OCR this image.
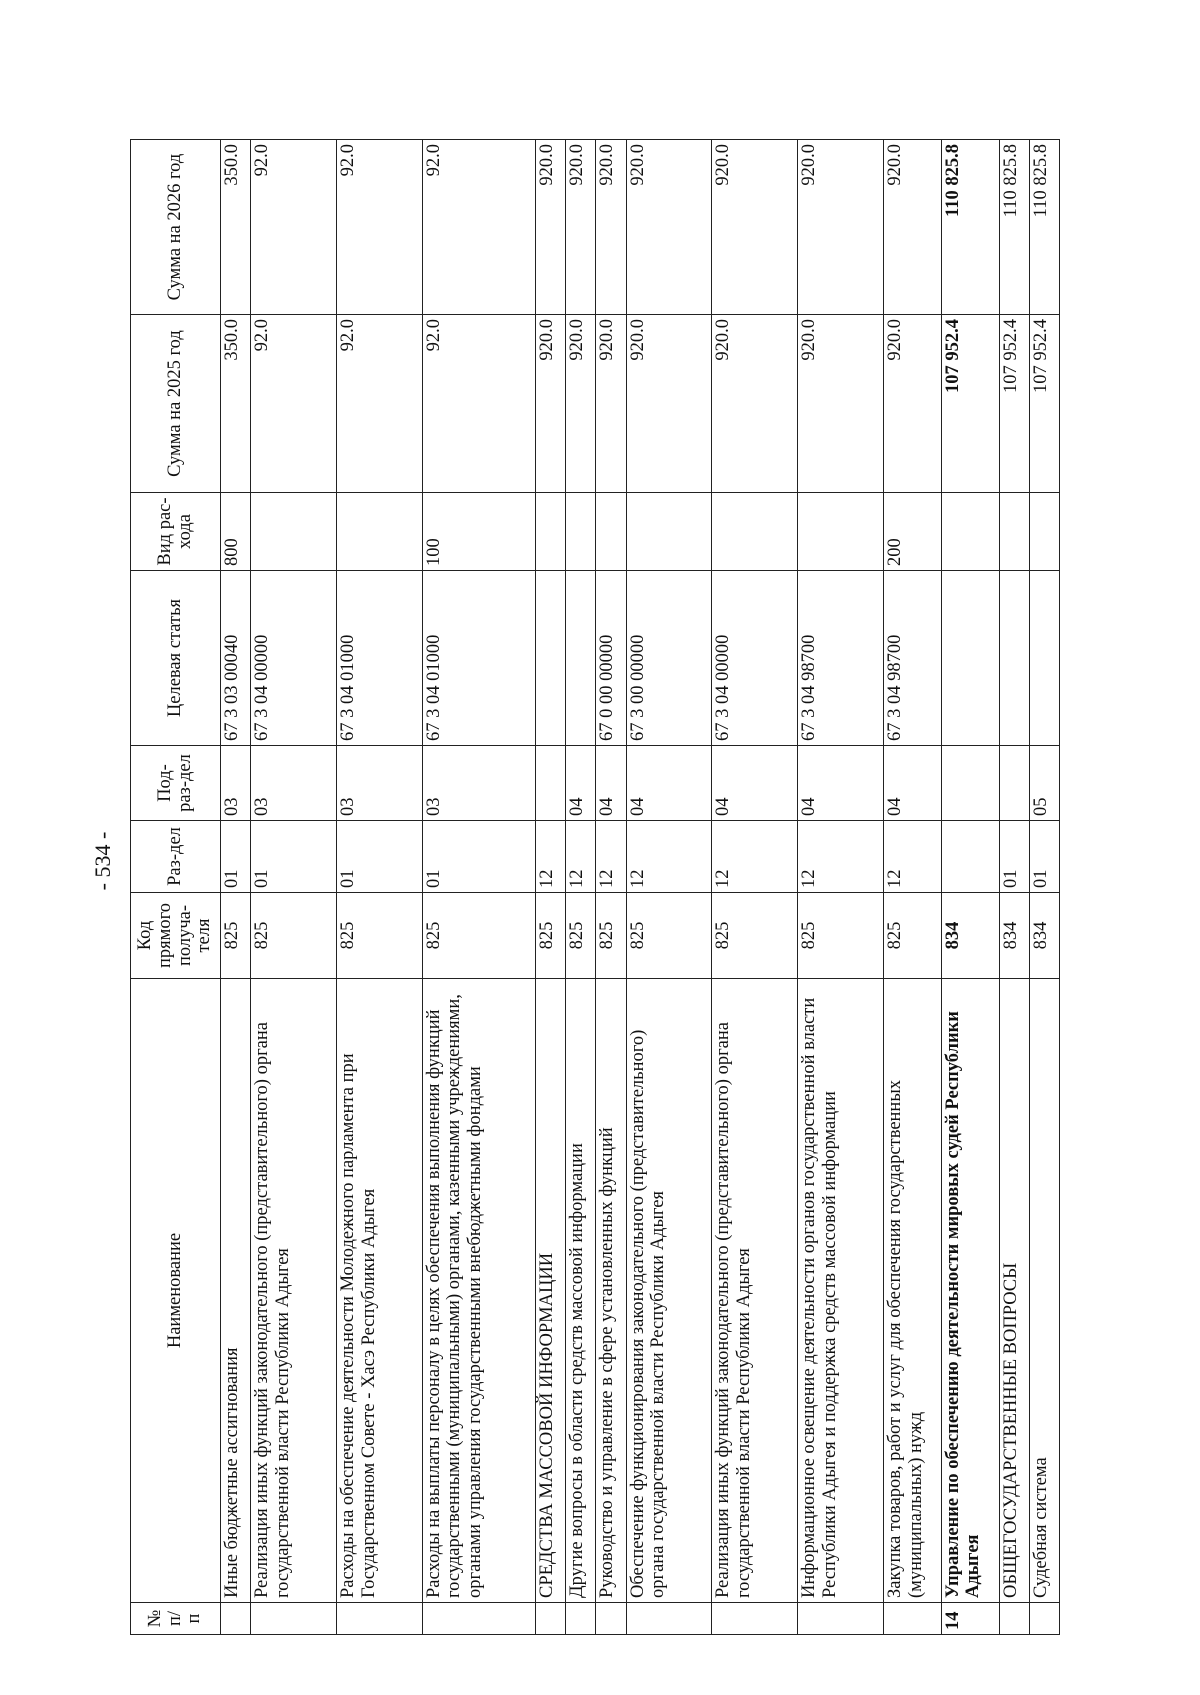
- 534 -
№ п/п	Наименование	Код прямого получа-теля	Раз-дел	Под-раз-дел	Целевая статья	Вид рас-хода	Сумма на 2025 год	Сумма на 2026 год
	Иные бюджетные ассигнования	825	01	03	67 3 03 00040	800	350.0	350.0
	Реализация иных функций законодательного (представительного) органа государственной власти Республики Адыгея	825	01	03	67 3 04 00000		92.0	92.0
	Расходы на обеспечение деятельности Молодежного парламента при Государственном Совете - Хасэ Республики Адыгея	825	01	03	67 3 04 01000		92.0	92.0
	Расходы на выплаты персоналу в целях обеспечения выполнения функций государственными (муниципальными) органами, казенными учреждениями, органами управления государственными внебюджетными фондами	825	01	03	67 3 04 01000	100	92.0	92.0
	СРЕДСТВА МАССОВОЙ ИНФОРМАЦИИ	825	12				920.0	920.0
	Другие вопросы в области средств массовой информации	825	12	04			920.0	920.0
	Руководство и управление в сфере установленных функций	825	12	04	67 0 00 00000		920.0	920.0
	Обеспечение функционирования законодательного (представительного) органа государственной власти Республики Адыгея	825	12	04	67 3 00 00000		920.0	920.0
	Реализация иных функций законодательного (представительного) органа государственной власти Республики Адыгея	825	12	04	67 3 04 00000		920.0	920.0
	Информационное освещение деятельности органов государственной власти Республики Адыгея и поддержка средств массовой информации	825	12	04	67 3 04 98700		920.0	920.0
	Закупка товаров, работ и услуг для обеспечения государственных (муниципальных) нужд	825	12	04	67 3 04 98700	200	920.0	920.0
14	Управление по обеспечению деятельности мировых судей Республики Адыгея	834					107 952.4	110 825.8
	ОБЩЕГОСУДАРСТВЕННЫЕ ВОПРОСЫ	834	01				107 952.4	110 825.8
	Судебная система	834	01	05			107 952.4	110 825.8
